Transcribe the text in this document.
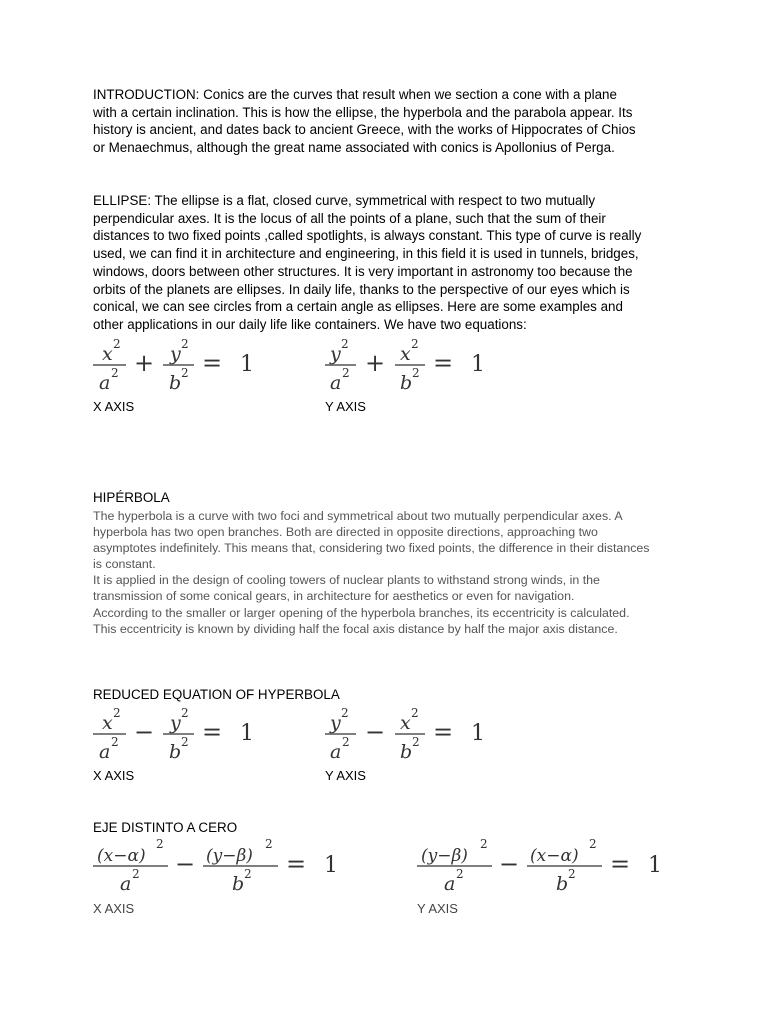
INTRODUCTION: Conics are the curves that result when we section a cone with a plane
with a certain inclination. This is how the ellipse, the hyperbola and the parabola appear. Its
history is ancient, and dates back to ancient Greece, with the works of Hippocrates of Chios
or Menaechmus, although the great name associated with conics is Apollonius of Perga.

ELLIPSE: The ellipse is a flat, closed curve, symmetrical with respect to two mutually
perpendicular axes. It is the locus of all the points of a plane, such that the sum of their
distances to two fixed points ,called spotlights, is always constant. This type of curve is really
used, we can find it in architecture and engineering, in this field it is used in tunnels, bridges,
windows, doors between other structures. It is very important in astronomy too because the
orbits of the planets are ellipses. In daily life, thanks to the perspective of our eyes which is
conical, we can see circles from a certain angle as ellipses. Here are some examples and
other applications in our daily life like containers. We have two equations:

x 2
a 2 + y 2
b 2 = 1
X AXIS
y 2
a 2 + x 2
b 2 = 1
Y AXIS
HIPÉRBOLA

The hyperbola is a curve with two foci and symmetrical about two mutually perpendicular axes. A
hyperbola has two open branches. Both are directed in opposite directions, approaching two
asymptotes indefinitely. This means that, considering two fixed points, the difference in their distances
is constant.
It is applied in the design of cooling towers of nuclear plants to withstand strong winds, in the
transmission of some conical gears, in architecture for aesthetics or even for navigation.
According to the smaller or larger opening of the hyperbola branches, its eccentricity is calculated.
This eccentricity is known by dividing half the focal axis distance by half the major axis distance.

REDUCED EQUATION OF HYPERBOLA
x 2
a 2 − y 2
b 2 = 1
X AXIS
y 2
a 2 − x 2
b 2 = 1
Y AXIS
EJE DISTINTO A CERO
(x−α)
2
a 2 − (y−β)
2
b 2 = 1
X AXIS
(y−β)
2
a 2 − (x−α)
2
b 2 = 1
Y AXIS
